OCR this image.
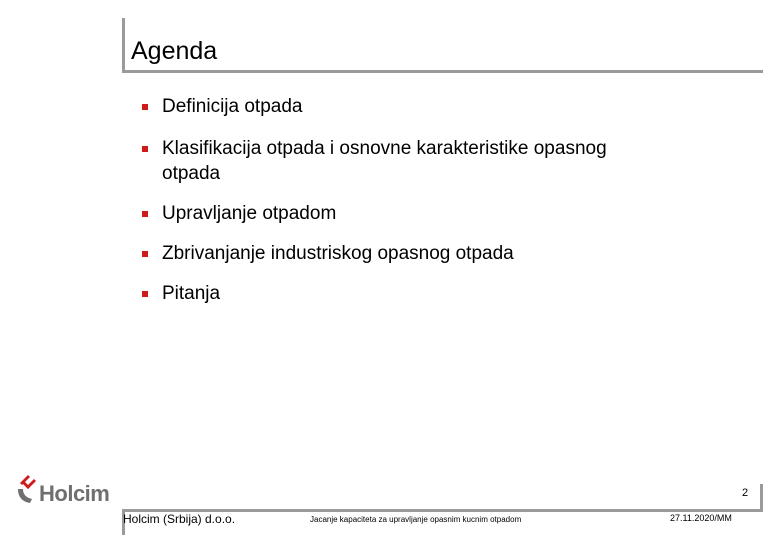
Agenda
Definicija otpada
Klasifikacija otpada i osnovne karakteristike opasnog
otpada
Upravljanje otpadom
Zbrivanjanje industriskog opasnog otpada
Pitanja
Holcim	2
Holcim (Srbija) d.o.o.	Jacanje kapaciteta za upravljanje opasnim kucnim otpadom	27.11.2020/MM
